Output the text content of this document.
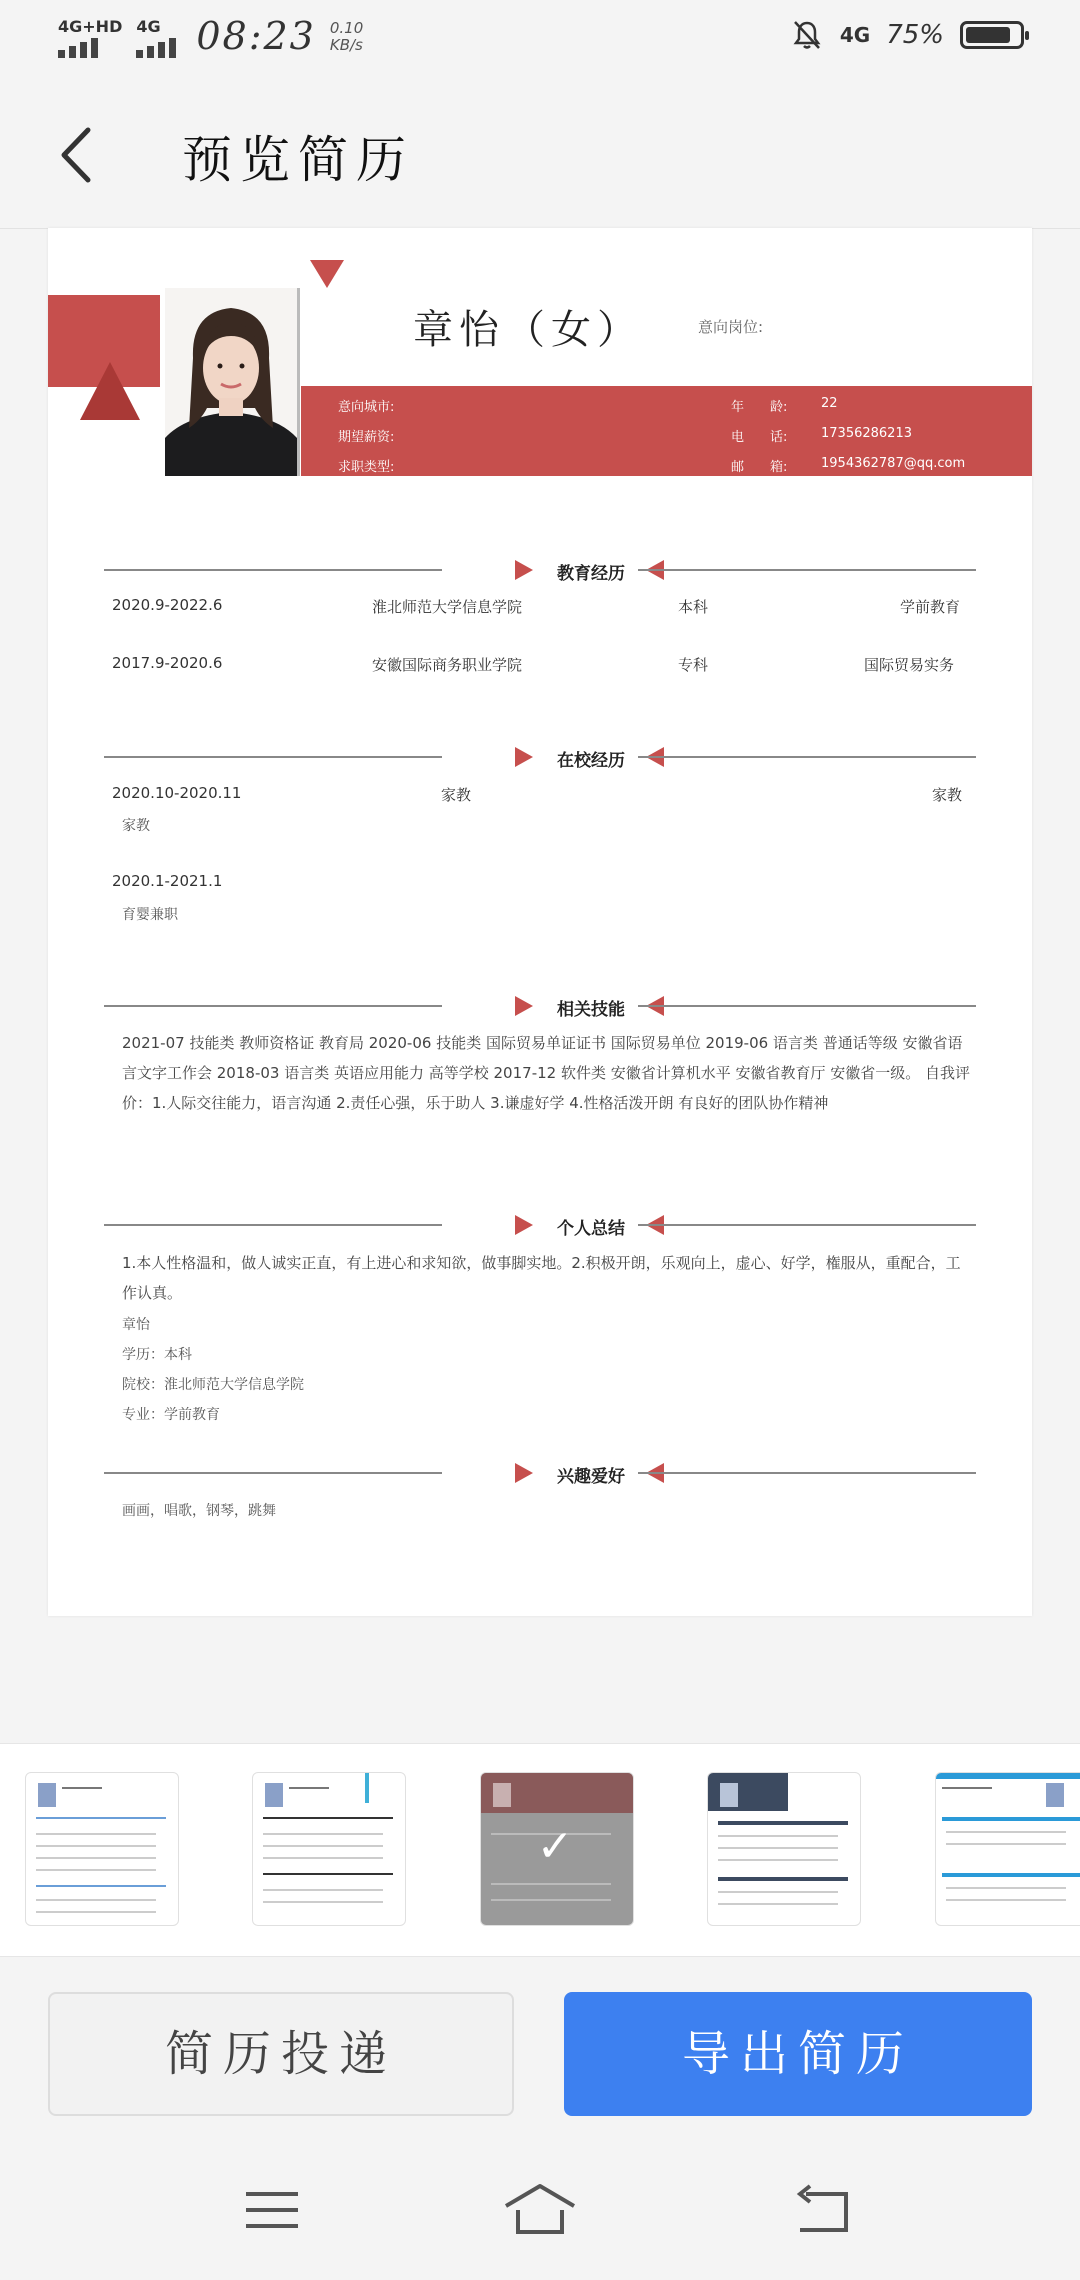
4G+HD 4G 08:23 0.10
KB/s	4G 75%
预览简历
章怡（女）	意向岗位:
意向城市:
期望薪资:
求职类型:
年　　龄:	22
电　　话:	17356286213
邮　　箱:	1954362787@qq.com
教育经历
2020.9-2022.6	淮北师范大学信息学院	本科	学前教育
2017.9-2020.6	安徽国际商务职业学院	专科	国际贸易实务
在校经历
2020.10-2020.11	家教	家教
家教
2020.1-2021.1
育婴兼职
相关技能
2021-07 技能类 教师资格证 教育局 2020-06 技能类 国际贸易单证证书 国际贸易单位 2019-06 语言类 普通话等级 安徽省语言文字工作会 2018-03 语言类 英语应用能力 高等学校 2017-12 软件类 安徽省计算机水平 安徽省教育厅 安徽省一级。 自我评价：1.人际交往能力，语言沟通 2.责任心强，乐于助人 3.谦虚好学 4.性格活泼开朗 有良好的团队协作精神
个人总结
1.本人性格温和，做人诚实正直，有上进心和求知欲，做事脚实地。2.积极开朗，乐观向上，虚心、好学，権服从，重配合，工作认真。
章怡
学历：本科
院校：淮北师范大学信息学院
专业：学前教育
兴趣爱好
画画，唱歌，钢琴，跳舞
✓
简历投递	导出简历
